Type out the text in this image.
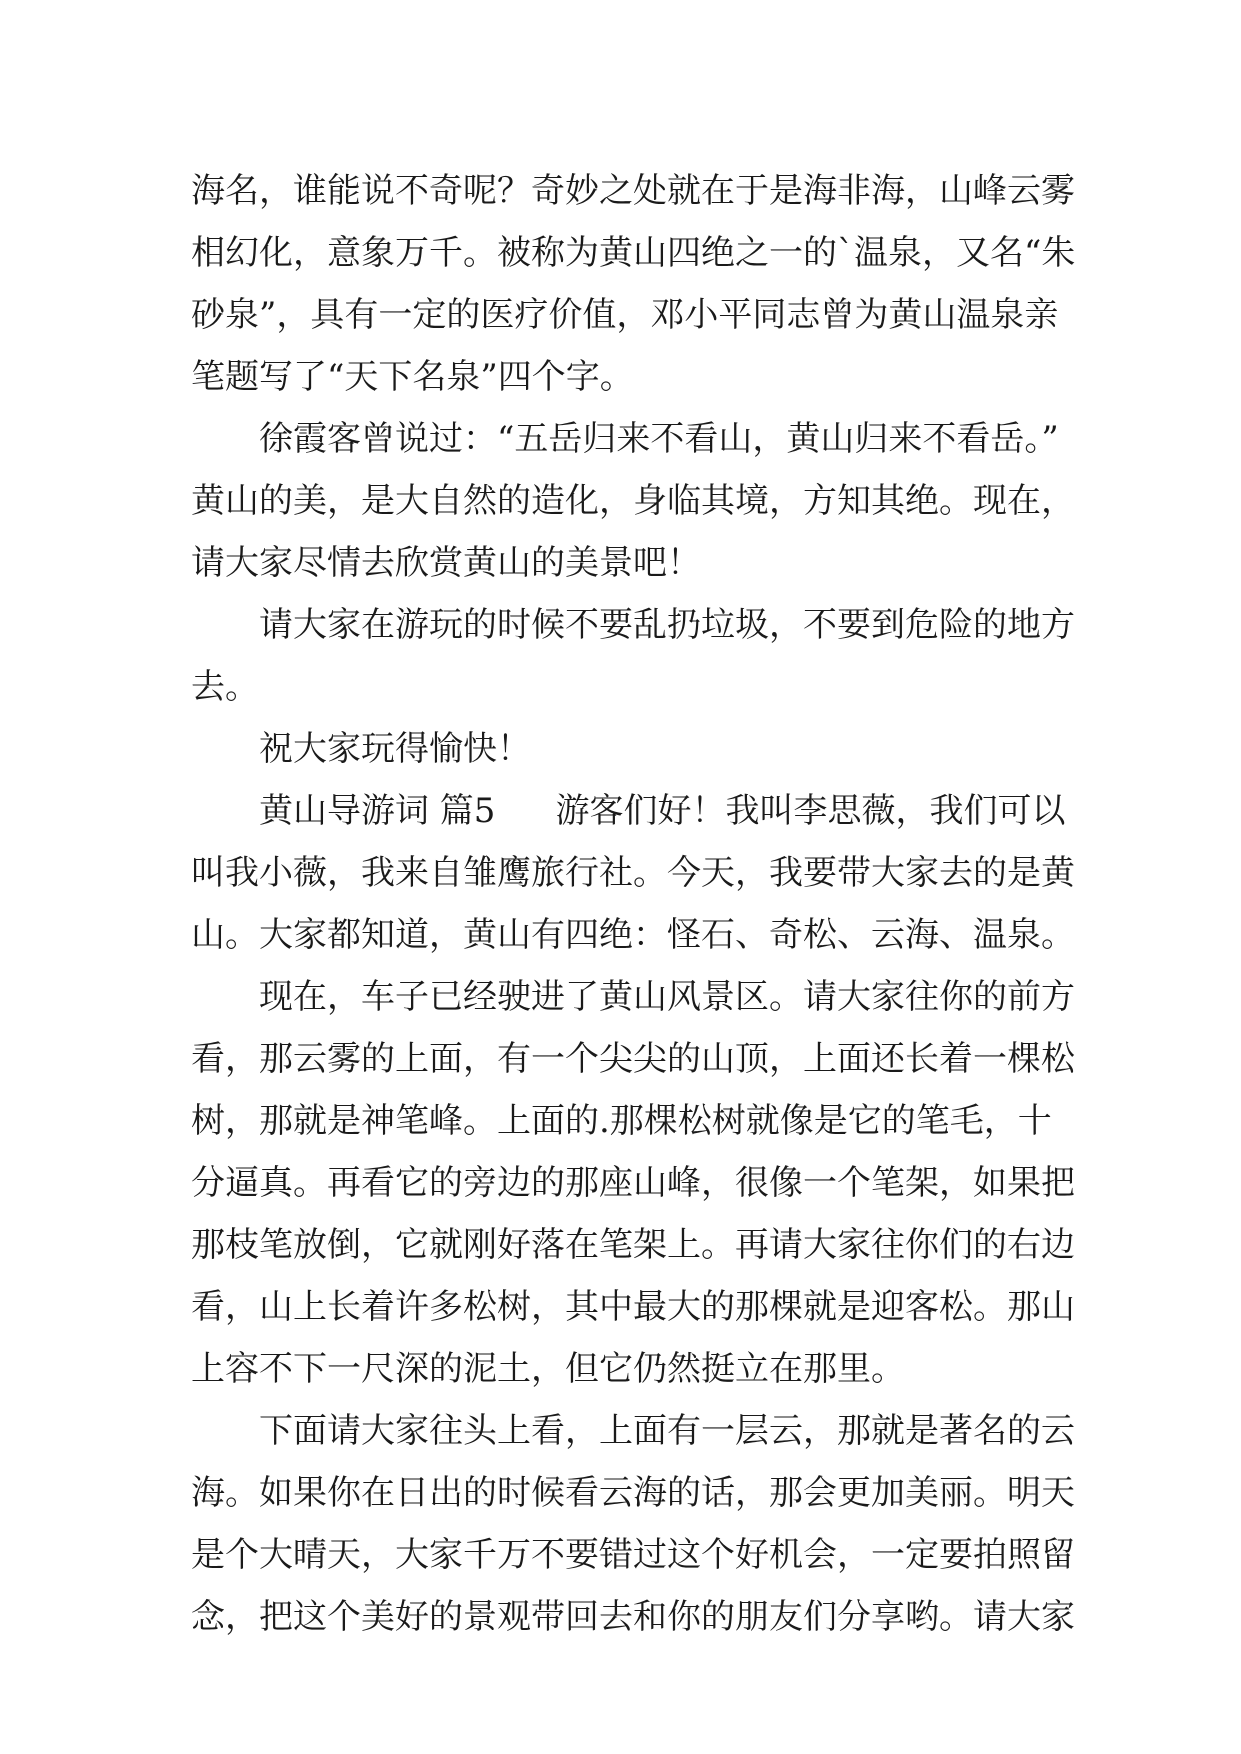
海名，谁能说不奇呢？奇妙之处就在于是海非海，山峰云雾
相幻化，意象万千。被称为黄山四绝之一的`温泉，又名“朱
砂泉”，具有一定的医疗价值，邓小平同志曾为黄山温泉亲
笔题写了“天下名泉”四个字。
徐霞客曾说过：“五岳归来不看山，黄山归来不看岳。”
黄山的美，是大自然的造化，身临其境，方知其绝。现在，
请大家尽情去欣赏黄山的美景吧！
请大家在游玩的时候不要乱扔垃圾，不要到危险的地方
去。
祝大家玩得愉快！
黄山导游词 篇5 游客们好！我叫李思薇，我们可以
叫我小薇，我来自雏鹰旅行社。今天，我要带大家去的是黄
山。大家都知道，黄山有四绝：怪石、奇松、云海、温泉。
现在，车子已经驶进了黄山风景区。请大家往你的前方
看，那云雾的上面，有一个尖尖的山顶，上面还长着一棵松
树，那就是神笔峰。上面的.那棵松树就像是它的笔毛，十
分逼真。再看它的旁边的那座山峰，很像一个笔架，如果把
那枝笔放倒，它就刚好落在笔架上。再请大家往你们的右边
看，山上长着许多松树，其中最大的那棵就是迎客松。那山
上容不下一尺深的泥土，但它仍然挺立在那里。
下面请大家往头上看，上面有一层云，那就是著名的云
海。如果你在日出的时候看云海的话，那会更加美丽。明天
是个大晴天，大家千万不要错过这个好机会，一定要拍照留
念，把这个美好的景观带回去和你的朋友们分享哟。请大家
